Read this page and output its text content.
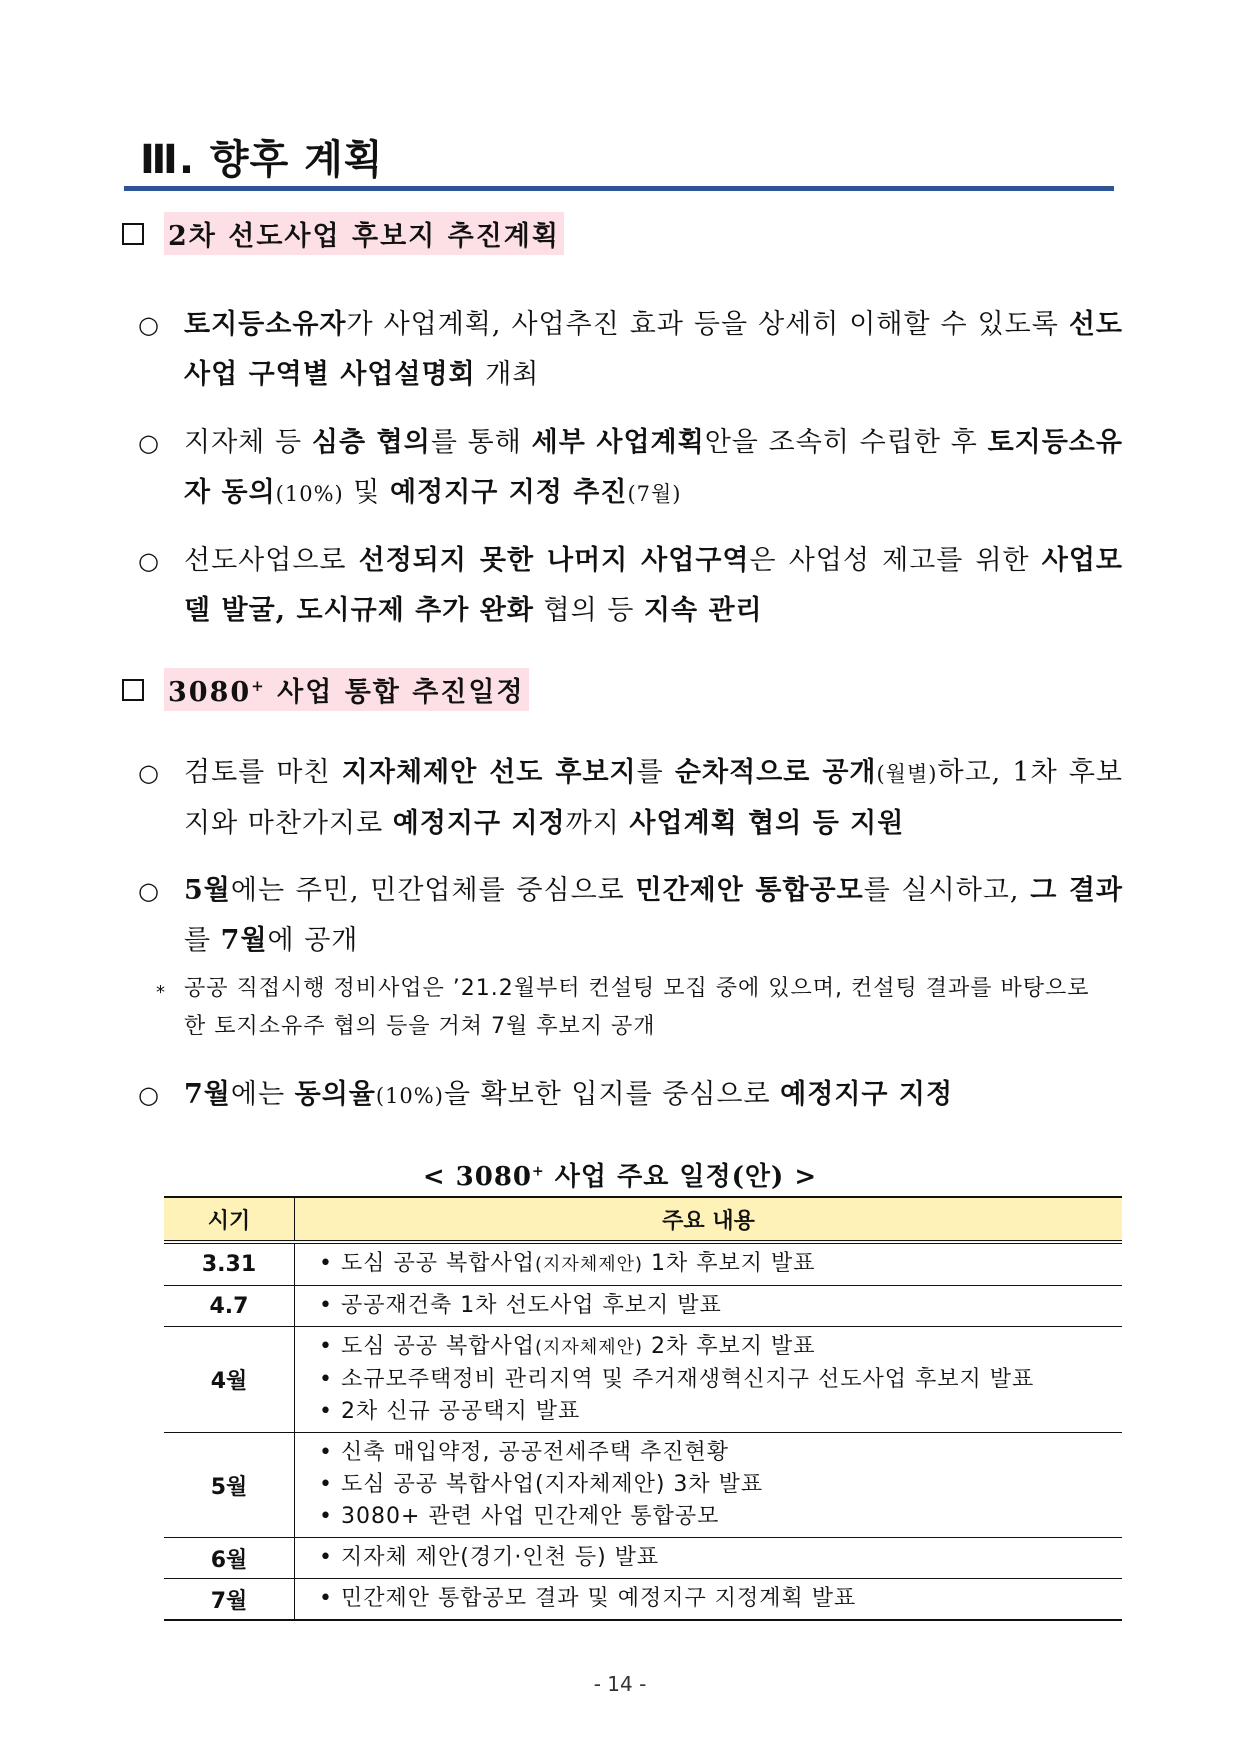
Ⅲ. 향후 계획
2차 선도사업 후보지 추진계획
○ 토지등소유자가 사업계획, 사업추진 효과 등을 상세히 이해할 수 있도록 선도사업 구역별 사업설명회 개최
○ 지자체 등 심층 협의를 통해 세부 사업계획안을 조속히 수립한 후 토지등소유자 동의(10%) 및 예정지구 지정 추진(7월)
○ 선도사업으로 선정되지 못한 나머지 사업구역은 사업성 제고를 위한 사업모델 발굴, 도시규제 추가 완화 협의 등 지속 관리
3080+ 사업 통합 추진일정
○ 검토를 마친 지자체제안 선도 후보지를 순차적으로 공개(월별)하고, 1차 후보지와 마찬가지로 예정지구 지정까지 사업계획 협의 등 지원
○ 5월에는 주민, 민간업체를 중심으로 민간제안 통합공모를 실시하고, 그 결과를 7월에 공개
* 공공 직접시행 정비사업은 ’21.2월부터 컨설팅 모집 중에 있으며, 컨설팅 결과를 바탕으로 한 토지소유주 협의 등을 거쳐 7월 후보지 공개
○ 7월에는 동의율(10%)을 확보한 입지를 중심으로 예정지구 지정
< 3080+ 사업 주요 일정(안) >
시기	주요 내용
3.31	• 도심 공공 복합사업(지자체제안) 1차 후보지 발표

4.7	• 공공재건축 1차 선도사업 후보지 발표

4월	• 도심 공공 복합사업(지자체제안) 2차 후보지 발표
• 소규모주택정비 관리지역 및 주거재생혁신지구 선도사업 후보지 발표
• 2차 신규 공공택지 발표

5월	• 신축 매입약정, 공공전세주택 추진현황
• 도심 공공 복합사업(지자체제안) 3차 발표
• 3080+ 관련 사업 민간제안 통합공모

6월	• 지자체 제안(경기·인천 등) 발표

7월	• 민간제안 통합공모 결과 및 예정지구 지정계획 발표
- 14 -
